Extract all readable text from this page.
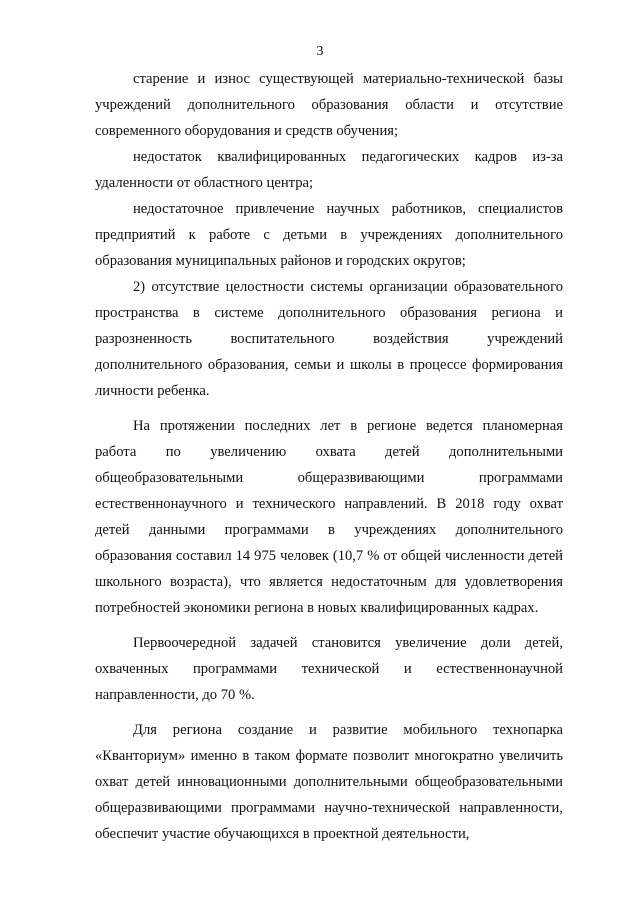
3

старение и износ существующей материально-технической базы учреждений дополнительного образования области и отсутствие современного оборудования и средств обучения;

недостаток квалифицированных педагогических кадров из-за удаленности от областного центра;

недостаточное привлечение научных работников, специалистов предприятий к работе с детьми в учреждениях дополнительного образования муниципальных районов и городских округов;

2) отсутствие целостности системы организации образовательного пространства в системе дополнительного образования региона и разрозненность воспитательного воздействия учреждений дополнительного образования, семьи и школы в процессе формирования личности ребенка.

На протяжении последних лет в регионе ведется планомерная работа по увеличению охвата детей дополнительными общеобразовательными общеразвивающими программами естественнонаучного и технического направлений. В 2018 году охват детей данными программами в учреждениях дополнительного образования составил 14 975 человек (10,7 % от общей численности детей школьного возраста), что является недостаточным для удовлетворения потребностей экономики региона в новых квалифицированных кадрах.

Первоочередной задачей становится увеличение доли детей, охваченных программами технической и естественнонаучной направленности, до 70 %.

Для региона создание и развитие мобильного технопарка «Кванториум» именно в таком формате позволит многократно увеличить охват детей инновационными дополнительными общеобразовательными общеразвивающими программами научно-технической направленности, обеспечит участие обучающихся в проектной деятельности,
